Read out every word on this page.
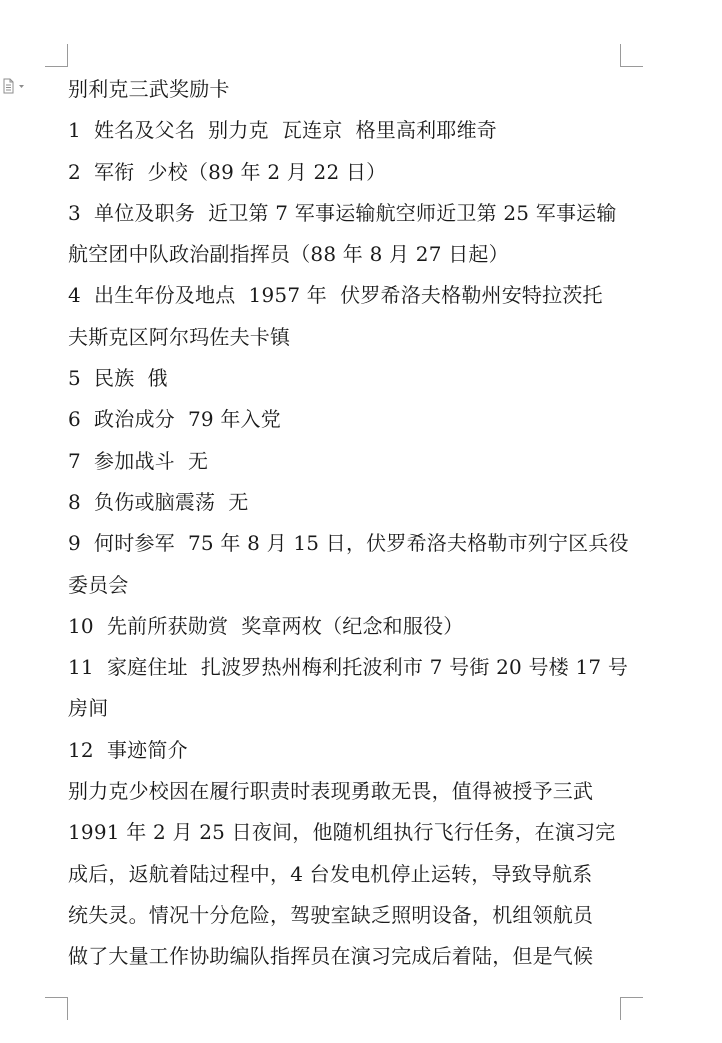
别利克三武奖励卡
1  姓名及父名  别力克  瓦连京  格里高利耶维奇
2  军衔  少校（89 年 2 月 22 日）
3  单位及职务  近卫第 7 军事运输航空师近卫第 25 军事运输
航空团中队政治副指挥员（88 年 8 月 27 日起）
4  出生年份及地点  1957 年  伏罗希洛夫格勒州安特拉茨托
夫斯克区阿尔玛佐夫卡镇
5  民族  俄
6  政治成分  79 年入党
7  参加战斗  无
8  负伤或脑震荡  无
9  何时参军  75 年 8 月 15 日，伏罗希洛夫格勒市列宁区兵役
委员会
10  先前所获勋赏  奖章两枚（纪念和服役）
11  家庭住址  扎波罗热州梅利托波利市 7 号街 20 号楼 17 号
房间
12  事迹简介
别力克少校因在履行职责时表现勇敢无畏，值得被授予三武
1991 年 2 月 25 日夜间，他随机组执行飞行任务，在演习完
成后，返航着陆过程中，4 台发电机停止运转，导致导航系
统失灵。情况十分危险，驾驶室缺乏照明设备，机组领航员
做了大量工作协助编队指挥员在演习完成后着陆，但是气候
